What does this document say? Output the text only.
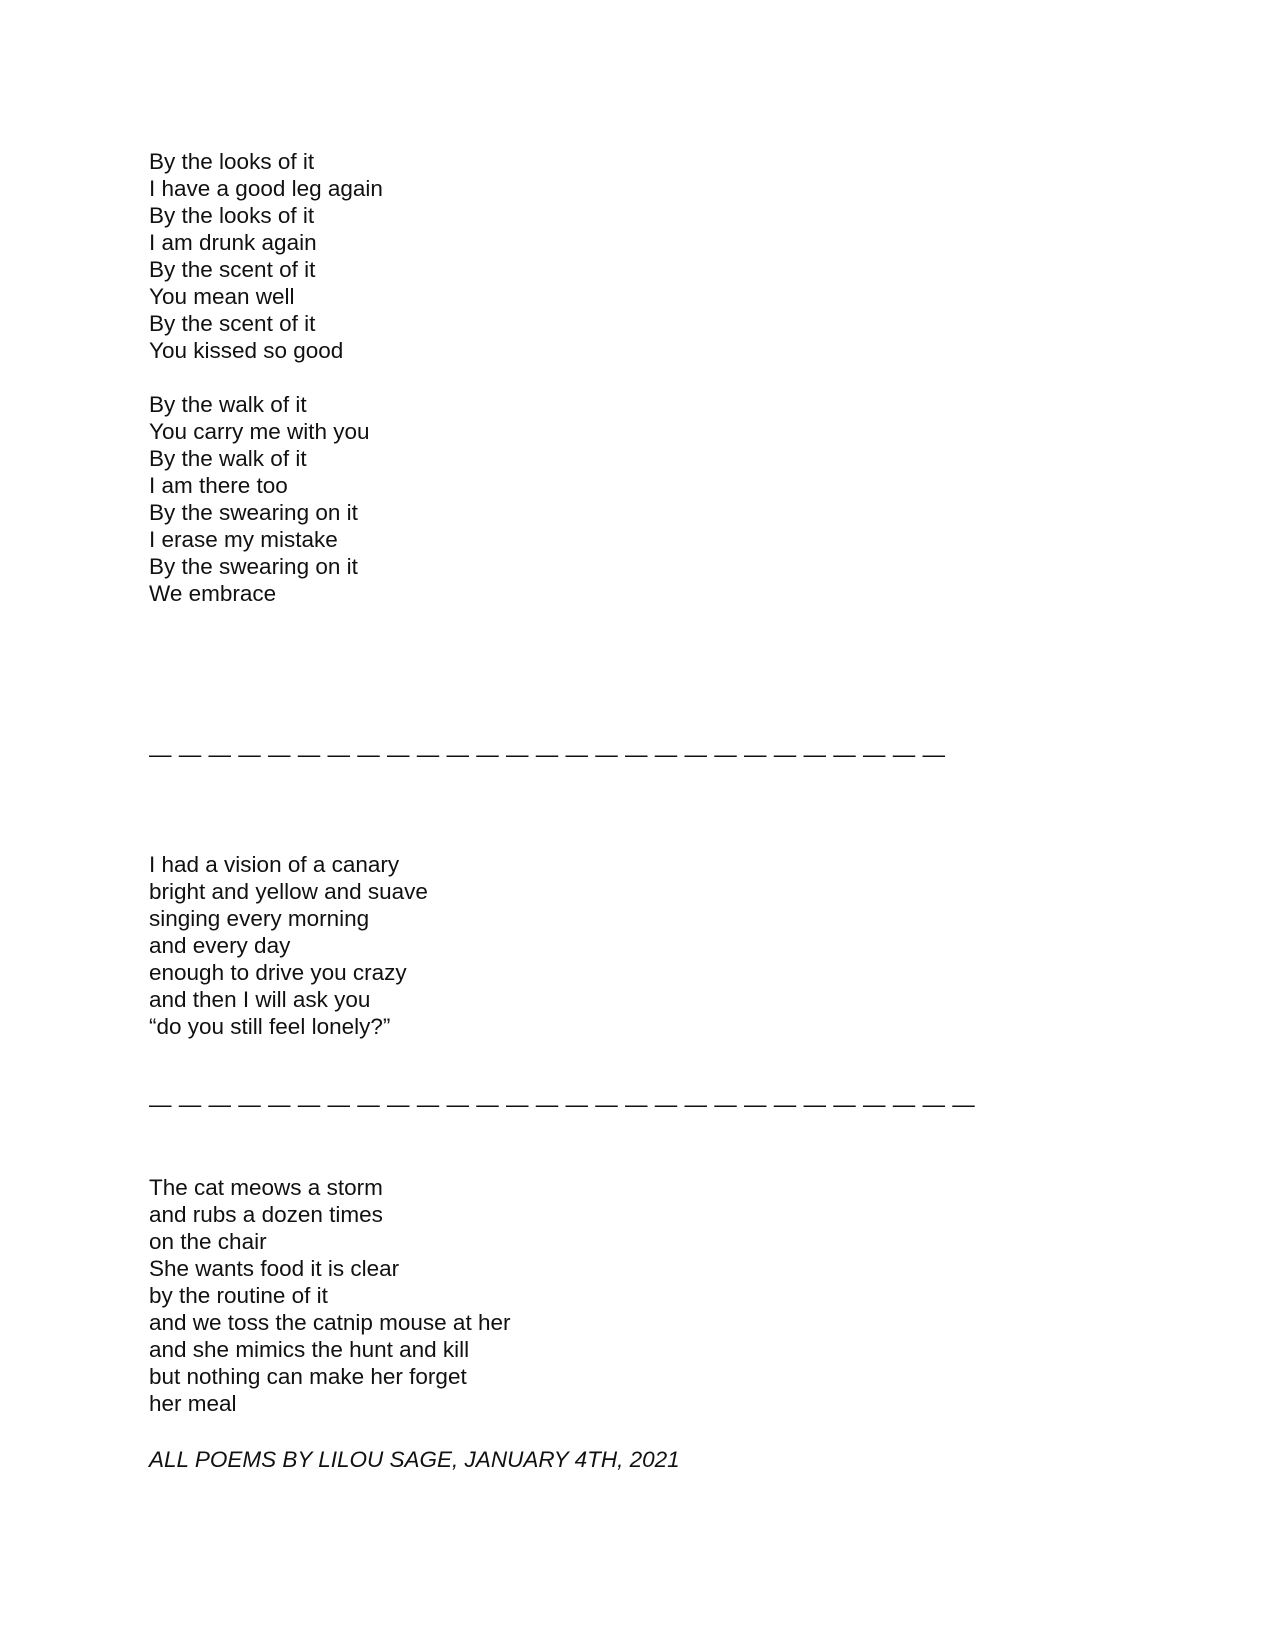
By the looks of it
I have a good leg again
By the looks of it
I am drunk again
By the scent of it
You mean well
By the scent of it
You kissed so good
By the walk of it
You carry me with you
By the walk of it
I am there too
By the swearing on it
I erase my mistake
By the swearing on it
We embrace
— — — — — — — — — — — — — — — — — — — — — — — — — — —
I had a vision of a canary
bright and yellow and suave
singing every morning
and every day
enough to drive you crazy
and then I will ask you
“do you still feel lonely?”
— — — — — — — — — — — — — — — — — — — — — — — — — — — —
The cat meows a storm
and rubs a dozen times
on the chair
She wants food it is clear
by the routine of it
and we toss the catnip mouse at her
and she mimics the hunt and kill
but nothing can make her forget
her meal
ALL POEMS BY LILOU SAGE, JANUARY 4TH, 2021
